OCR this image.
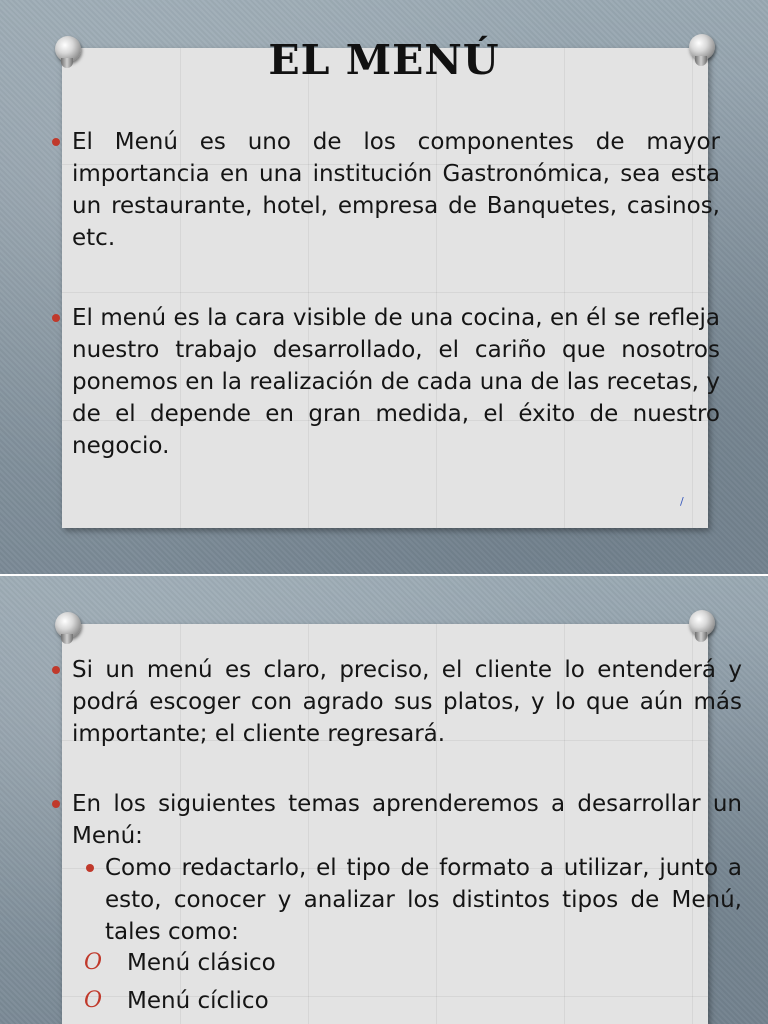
EL MENÚ
El Menú es uno de los componentes de mayor importancia en una institución Gastronómica, sea esta un restaurante, hotel, empresa de Banquetes, casinos, etc.
El menú es la cara visible de una cocina, en él se refleja nuestro trabajo desarrollado, el cariño que nosotros ponemos en la realización de cada una de las recetas, y de el depende en gran medida, el éxito de nuestro negocio.
/
Si un menú es claro, preciso, el cliente lo entenderá y podrá escoger con agrado sus platos, y lo que aún más importante; el cliente regresará.
En los siguientes temas aprenderemos a desarrollar un Menú:
Como redactarlo, el tipo de formato a utilizar, junto a esto, conocer y analizar los distintos tipos de Menú, tales como:
O Menú clásico
O Menú cíclico
